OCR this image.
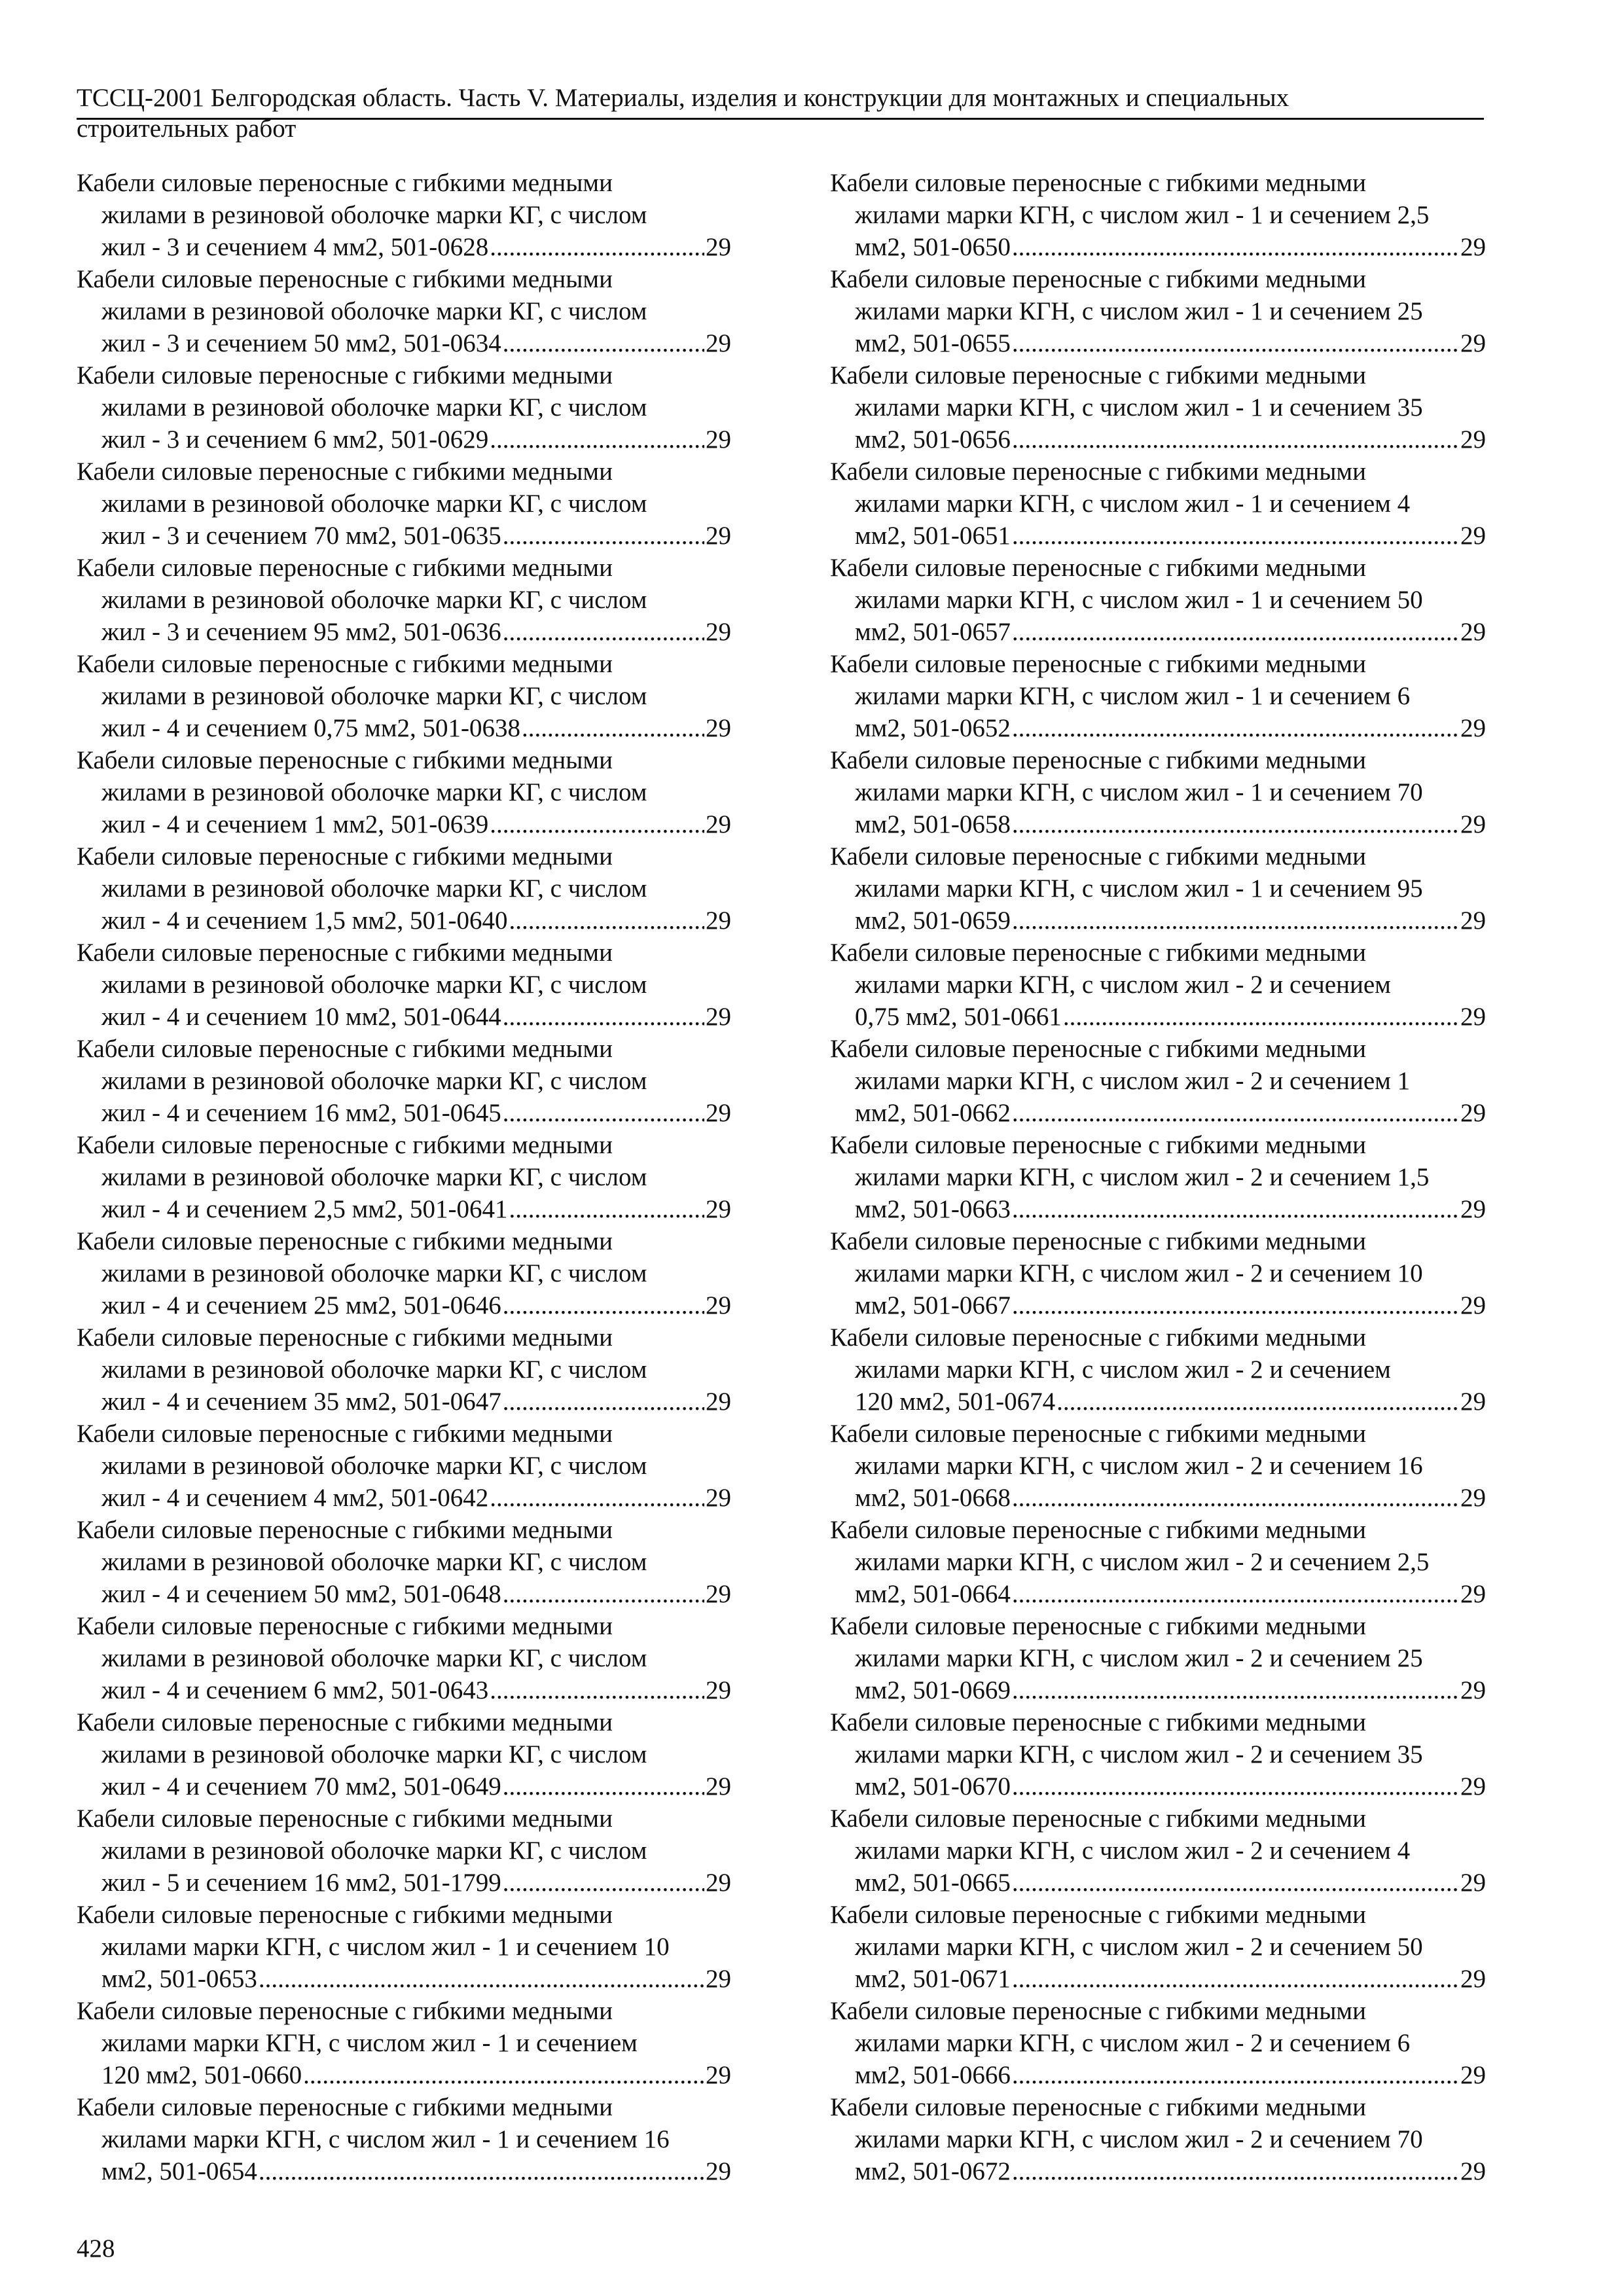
ТССЦ-2001 Белгородская область. Часть V. Материалы, изделия и конструкции для монтажных и специальных
строительных работ
Кабели силовые переносные с гибкими медными
жилами в резиновой оболочке марки КГ, с числом
жил - 3 и сечением 4 мм2, 501-0628 .....	29
Кабели силовые переносные с гибкими медными
жилами в резиновой оболочке марки КГ, с числом
жил - 3 и сечением 50 мм2, 501-0634 .....	29
Кабели силовые переносные с гибкими медными
жилами в резиновой оболочке марки КГ, с числом
жил - 3 и сечением 6 мм2, 501-0629 .....	29
Кабели силовые переносные с гибкими медными
жилами в резиновой оболочке марки КГ, с числом
жил - 3 и сечением 70 мм2, 501-0635 .....	29
Кабели силовые переносные с гибкими медными
жилами в резиновой оболочке марки КГ, с числом
жил - 3 и сечением 95 мм2, 501-0636 .....	29
Кабели силовые переносные с гибкими медными
жилами в резиновой оболочке марки КГ, с числом
жил - 4 и сечением 0,75 мм2, 501-0638 .....	29
Кабели силовые переносные с гибкими медными
жилами в резиновой оболочке марки КГ, с числом
жил - 4 и сечением 1 мм2, 501-0639 .....	29
Кабели силовые переносные с гибкими медными
жилами в резиновой оболочке марки КГ, с числом
жил - 4 и сечением 1,5 мм2, 501-0640 .....	29
Кабели силовые переносные с гибкими медными
жилами в резиновой оболочке марки КГ, с числом
жил - 4 и сечением 10 мм2, 501-0644 .....	29
Кабели силовые переносные с гибкими медными
жилами в резиновой оболочке марки КГ, с числом
жил - 4 и сечением 16 мм2, 501-0645 .....	29
Кабели силовые переносные с гибкими медными
жилами в резиновой оболочке марки КГ, с числом
жил - 4 и сечением 2,5 мм2, 501-0641 .....	29
Кабели силовые переносные с гибкими медными
жилами в резиновой оболочке марки КГ, с числом
жил - 4 и сечением 25 мм2, 501-0646 .....	29
Кабели силовые переносные с гибкими медными
жилами в резиновой оболочке марки КГ, с числом
жил - 4 и сечением 35 мм2, 501-0647 .....	29
Кабели силовые переносные с гибкими медными
жилами в резиновой оболочке марки КГ, с числом
жил - 4 и сечением 4 мм2, 501-0642 .....	29
Кабели силовые переносные с гибкими медными
жилами в резиновой оболочке марки КГ, с числом
жил - 4 и сечением 50 мм2, 501-0648 .....	29
Кабели силовые переносные с гибкими медными
жилами в резиновой оболочке марки КГ, с числом
жил - 4 и сечением 6 мм2, 501-0643 .....	29
Кабели силовые переносные с гибкими медными
жилами в резиновой оболочке марки КГ, с числом
жил - 4 и сечением 70 мм2, 501-0649 .....	29
Кабели силовые переносные с гибкими медными
жилами в резиновой оболочке марки КГ, с числом
жил - 5 и сечением 16 мм2, 501-1799 .....	29
Кабели силовые переносные с гибкими медными
жилами марки КГН, с числом жил - 1 и сечением 10
мм2, 501-0653 .....	29
Кабели силовые переносные с гибкими медными
жилами марки КГН, с числом жил - 1 и сечением
120 мм2, 501-0660 .....	29
Кабели силовые переносные с гибкими медными
жилами марки КГН, с числом жил - 1 и сечением 16
мм2, 501-0654 .....	29
Кабели силовые переносные с гибкими медными
жилами марки КГН, с числом жил - 1 и сечением 2,5
мм2, 501-0650 .....	29
Кабели силовые переносные с гибкими медными
жилами марки КГН, с числом жил - 1 и сечением 25
мм2, 501-0655 .....	29
Кабели силовые переносные с гибкими медными
жилами марки КГН, с числом жил - 1 и сечением 35
мм2, 501-0656 .....	29
Кабели силовые переносные с гибкими медными
жилами марки КГН, с числом жил - 1 и сечением 4
мм2, 501-0651 .....	29
Кабели силовые переносные с гибкими медными
жилами марки КГН, с числом жил - 1 и сечением 50
мм2, 501-0657 .....	29
Кабели силовые переносные с гибкими медными
жилами марки КГН, с числом жил - 1 и сечением 6
мм2, 501-0652 .....	29
Кабели силовые переносные с гибкими медными
жилами марки КГН, с числом жил - 1 и сечением 70
мм2, 501-0658 .....	29
Кабели силовые переносные с гибкими медными
жилами марки КГН, с числом жил - 1 и сечением 95
мм2, 501-0659 .....	29
Кабели силовые переносные с гибкими медными
жилами марки КГН, с числом жил - 2 и сечением
0,75 мм2, 501-0661 .....	29
Кабели силовые переносные с гибкими медными
жилами марки КГН, с числом жил - 2 и сечением 1
мм2, 501-0662 .....	29
Кабели силовые переносные с гибкими медными
жилами марки КГН, с числом жил - 2 и сечением 1,5
мм2, 501-0663 .....	29
Кабели силовые переносные с гибкими медными
жилами марки КГН, с числом жил - 2 и сечением 10
мм2, 501-0667 .....	29
Кабели силовые переносные с гибкими медными
жилами марки КГН, с числом жил - 2 и сечением
120 мм2, 501-0674 .....	29
Кабели силовые переносные с гибкими медными
жилами марки КГН, с числом жил - 2 и сечением 16
мм2, 501-0668 .....	29
Кабели силовые переносные с гибкими медными
жилами марки КГН, с числом жил - 2 и сечением 2,5
мм2, 501-0664 .....	29
Кабели силовые переносные с гибкими медными
жилами марки КГН, с числом жил - 2 и сечением 25
мм2, 501-0669 .....	29
Кабели силовые переносные с гибкими медными
жилами марки КГН, с числом жил - 2 и сечением 35
мм2, 501-0670 .....	29
Кабели силовые переносные с гибкими медными
жилами марки КГН, с числом жил - 2 и сечением 4
мм2, 501-0665 .....	29
Кабели силовые переносные с гибкими медными
жилами марки КГН, с числом жил - 2 и сечением 50
мм2, 501-0671 .....	29
Кабели силовые переносные с гибкими медными
жилами марки КГН, с числом жил - 2 и сечением 6
мм2, 501-0666 .....	29
Кабели силовые переносные с гибкими медными
жилами марки КГН, с числом жил - 2 и сечением 70
мм2, 501-0672 .....	29
428
